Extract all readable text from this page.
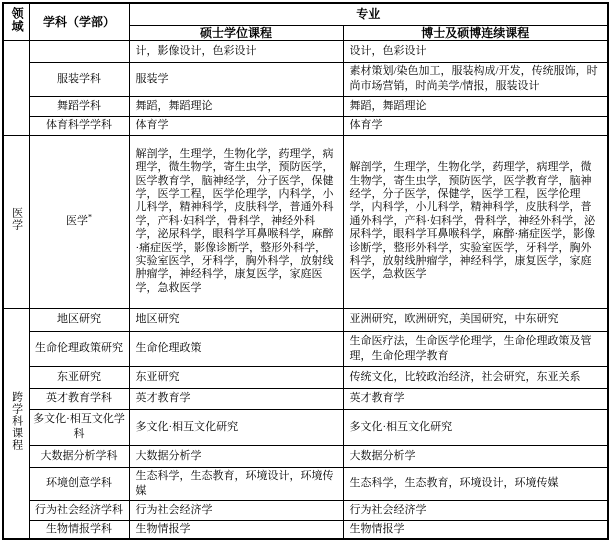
领域	学科（学部）	专业	
		硕士学位课程	博士及硕博连续课程
		计，影像设计，色彩设计	设计，色彩设计
	服装学科	服装学	素材策划/染色加工，服装构成/开发，传统服饰，时尚市场营销，时尚美学/情报，服装设计
	舞蹈学科	舞蹈，舞蹈理论	舞蹈，舞蹈理论
	体育科学学科	体育学	体育学
医学	医学*	解剖学，生理学，生物化学，药理学，病理学，微生物学，寄生虫学，预防医学，医学教育学，脑神经学，分子医学，保健学，医学工程，医学伦理学，内科学，小儿科学，精神科学，皮肤科学，普通外科学，产科·妇科学，骨科学，神经外科学，泌尿科学，眼科学耳鼻喉科学，麻醉·痛症医学，影像诊断学，整形外科学，实验室医学，牙科学，胸外科学，放射线肿瘤学，神经科学，康复医学，家庭医学，急救医学	解剖学，生理学，生物化学，药理学，病理学，微生物学，寄生虫学，预防医学，医学教育学，脑神经学，分子医学，保健学，医学工程，医学伦理学，内科学，小儿科学，精神科学，皮肤科学，普通外科学，产科·妇科学，骨科学，神经外科学，泌尿科学，眼科学耳鼻喉科学，麻醉·痛症医学，影像诊断学，整形外科学，实验室医学，牙科学，胸外科学，放射线肿瘤学，神经科学，康复医学，家庭医学，急救医学
跨学科课程	地区研究	地区研究	亚洲研究，欧洲研究，美国研究，中东研究
	生命伦理政策研究	生命伦理政策	生命医疗法，生命医学伦理学，生命伦理政策及管理，生命伦理学教育
	东亚研究	东亚研究	传统文化，比较政治经济，社会研究，东亚关系
	英才教育学科	英才教育学	英才教育学
	多文化·相互文化学科	多文化·相互文化研究	多文化·相互文化研究
	大数据分析学科	大数据分析学	大数据分析学
	环境创意学科	生态科学，生态教育，环境设计，环境传媒	生态科学，生态教育，环境设计，环境传媒
	行为社会经济学科	行为社会经济学	行为社会经济学
	生物情报学科	生物情报学	生物情报学
